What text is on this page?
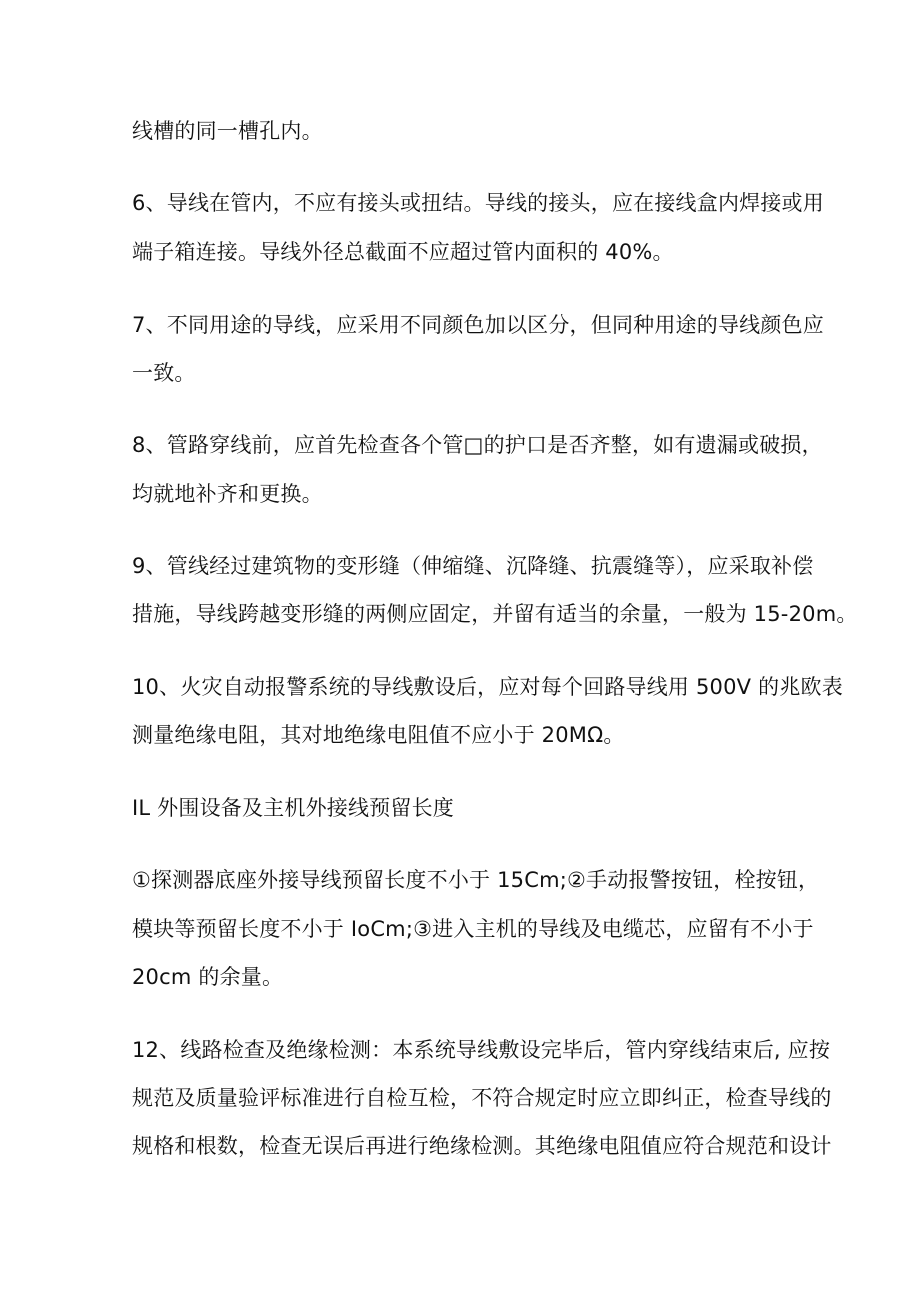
线槽的同一槽孔内。
6、导线在管内，不应有接头或扭结。导线的接头，应在接线盒内焊接或用
端子箱连接。导线外径总截面不应超过管内面积的 40%。
7、不同用途的导线，应采用不同颜色加以区分，但同种用途的导线颜色应
一致。
8、管路穿线前，应首先检查各个管□的护口是否齐整，如有遗漏或破损，
均就地补齐和更换。
9、管线经过建筑物的变形缝（伸缩缝、沉降缝、抗震缝等），应采取补偿
措施，导线跨越变形缝的两侧应固定，并留有适当的余量，一般为 15-20m。
10、火灾自动报警系统的导线敷设后，应对每个回路导线用 500V 的兆欧表
测量绝缘电阻，其对地绝缘电阻值不应小于 20MΩ。
IL 外围设备及主机外接线预留长度
①探测器底座外接导线预留长度不小于 15Cm;②手动报警按钮，栓按钮，
模块等预留长度不小于 IoCm;③进入主机的导线及电缆芯，应留有不小于
20cm 的余量。
12、线路检查及绝缘检测：本系统导线敷设完毕后，管内穿线结束后, 应按
规范及质量验评标准进行自检互检，不符合规定时应立即纠正，检查导线的
规格和根数，检查无误后再进行绝缘检测。其绝缘电阻值应符合规范和设计
